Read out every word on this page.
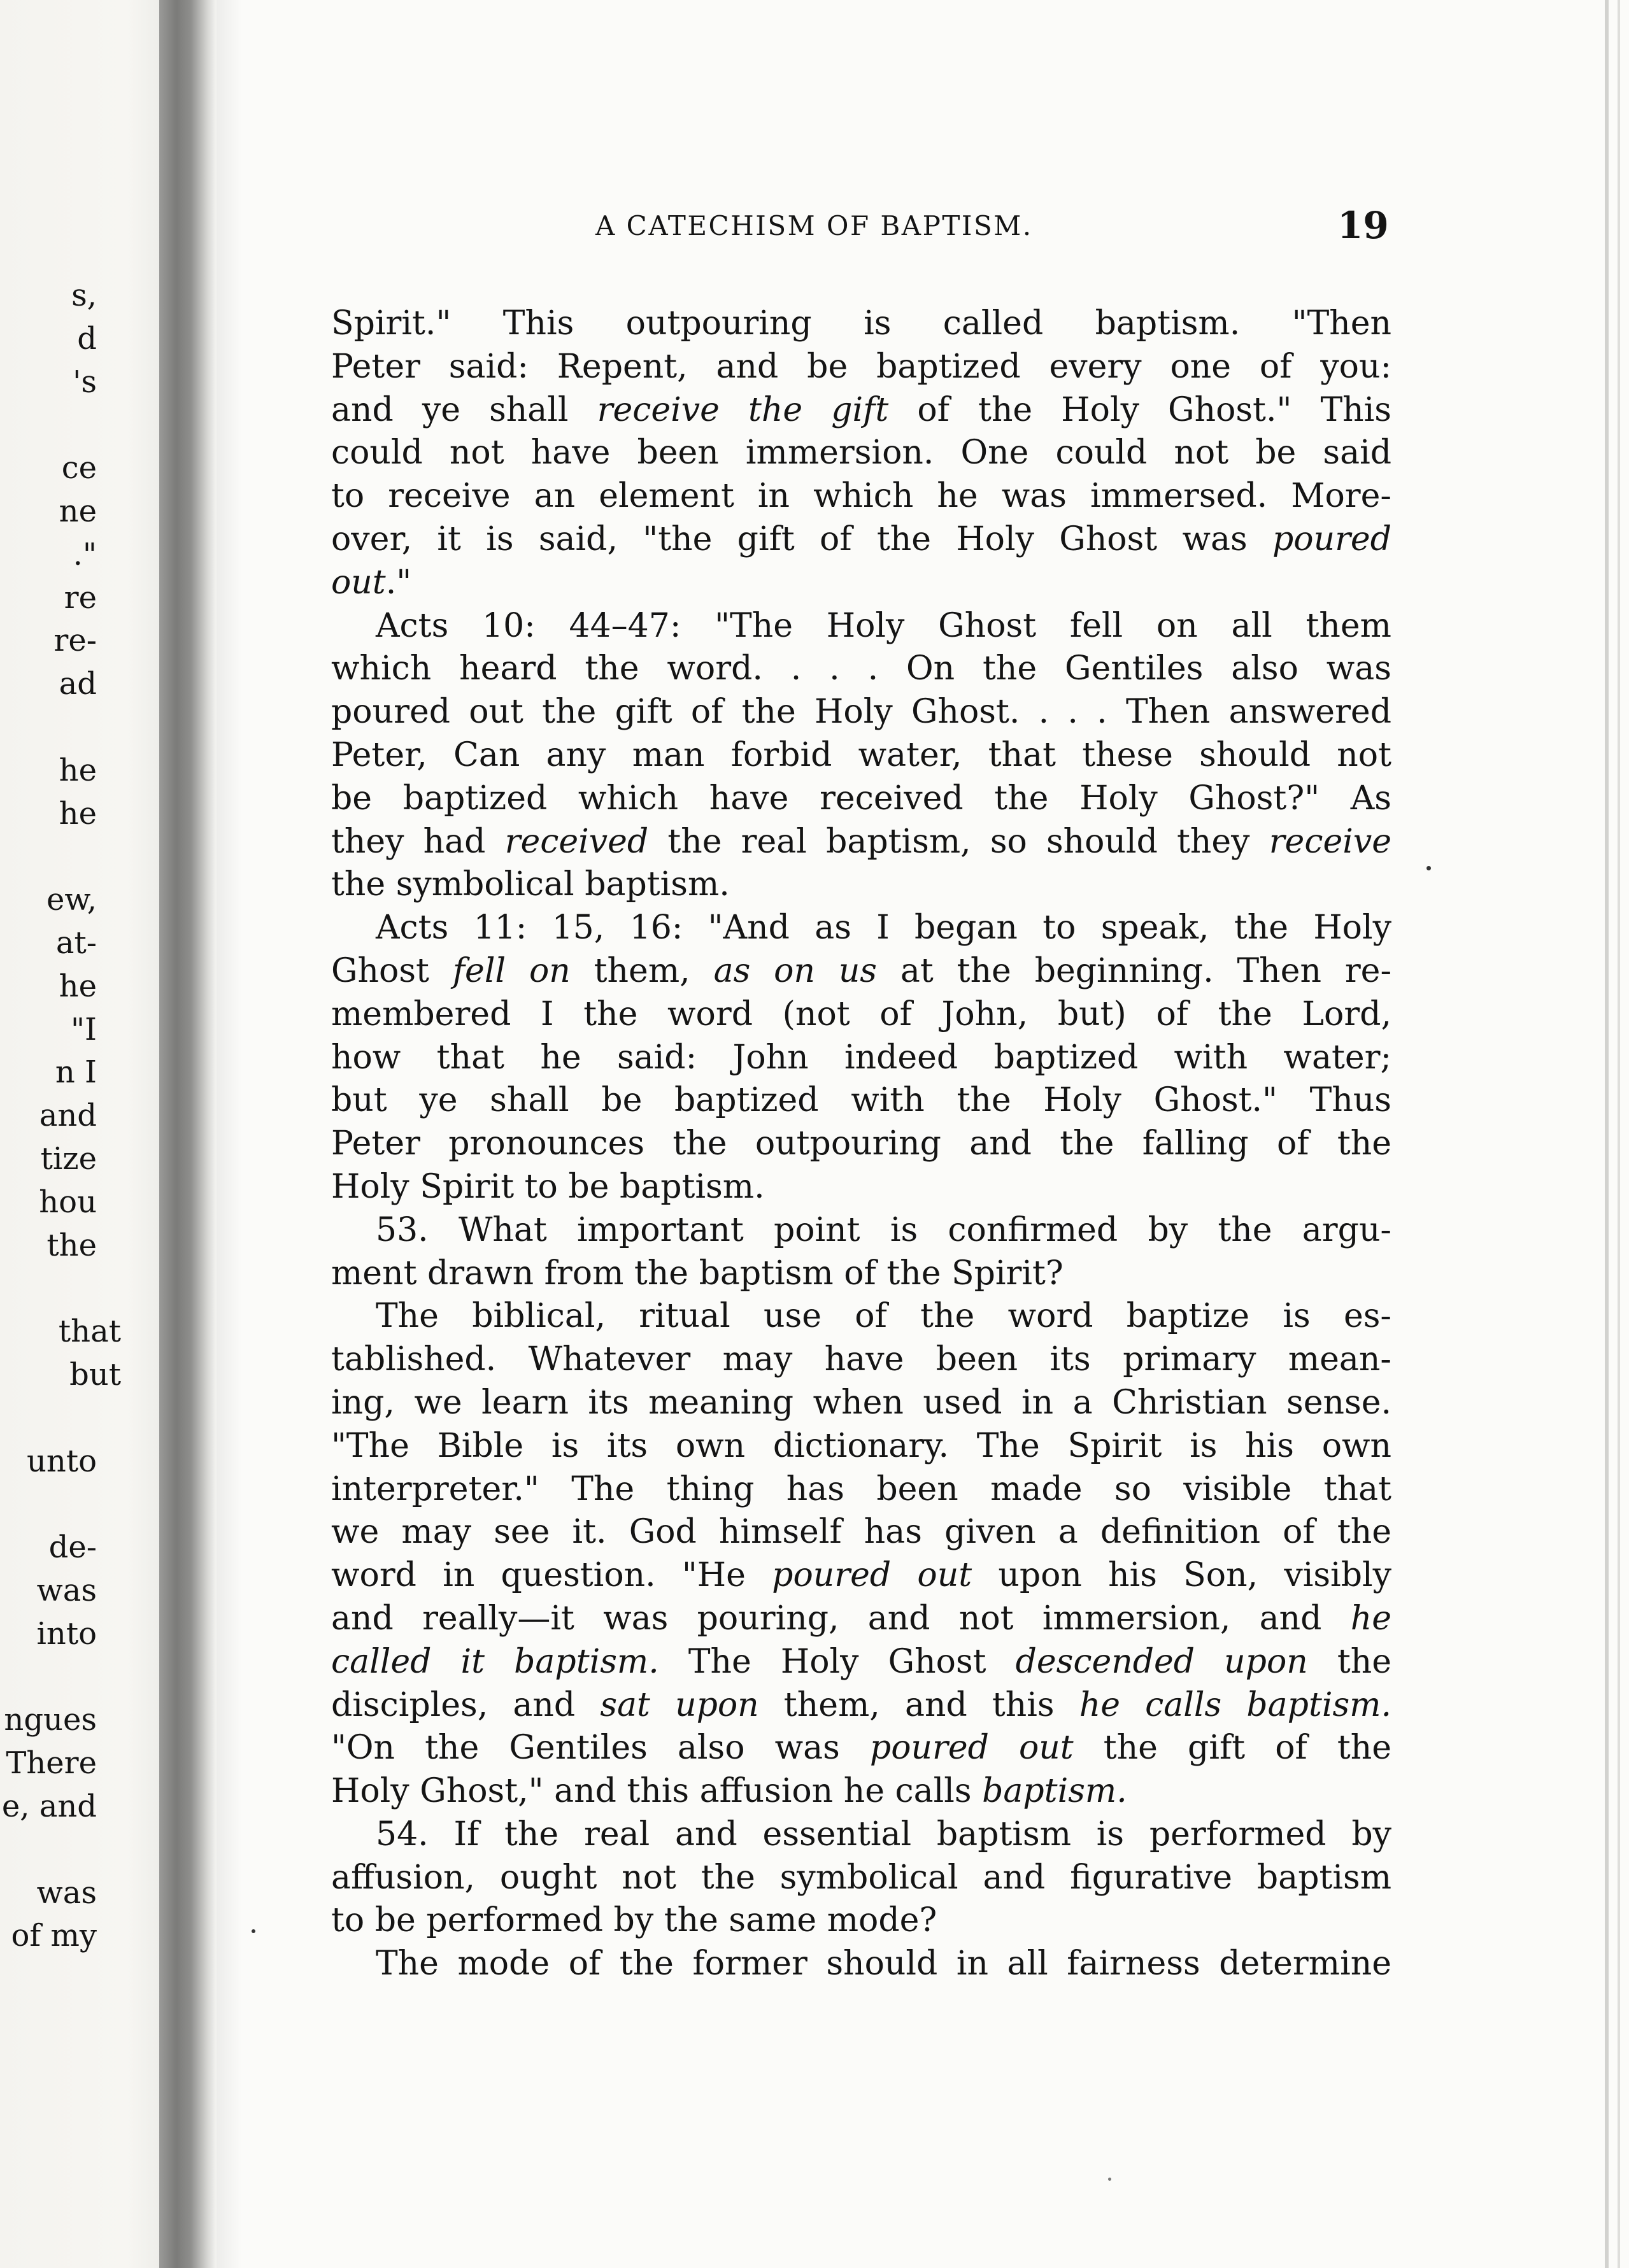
s,
d
's
ce
ne
."
re
re-
ad
he
he
ew,
at-
he
"I
n I
and
tize
hou
the
that
but
unto
de-
was
into
ngues
There
e, and
was
of my
A CATECHISM OF BAPTISM.	19
Spirit." This outpouring is called baptism. "Then
Peter said: Repent, and be baptized every one of you:
and ye shall receive the gift of the Holy Ghost." This
could not have been immersion. One could not be said
to receive an element in which he was immersed. More-
over, it is said, "the gift of the Holy Ghost was poured
out."
Acts 10: 44–47: "The Holy Ghost fell on all them
which heard the word. . . . On the Gentiles also was
poured out the gift of the Holy Ghost. . . . Then answered
Peter, Can any man forbid water, that these should not
be baptized which have received the Holy Ghost?" As
they had received the real baptism, so should they receive
the symbolical baptism.
Acts 11: 15, 16: "And as I began to speak, the Holy
Ghost fell on them, as on us at the beginning. Then re-
membered I the word (not of John, but) of the Lord,
how that he said: John indeed baptized with water;
but ye shall be baptized with the Holy Ghost." Thus
Peter pronounces the outpouring and the falling of the
Holy Spirit to be baptism.
53. What important point is confirmed by the argu-
ment drawn from the baptism of the Spirit?
The biblical, ritual use of the word baptize is es-
tablished. Whatever may have been its primary mean-
ing, we learn its meaning when used in a Christian sense.
"The Bible is its own dictionary. The Spirit is his own
interpreter." The thing has been made so visible that
we may see it. God himself has given a definition of the
word in question. "He poured out upon his Son, visibly
and really—it was pouring, and not immersion, and he
called it baptism. The Holy Ghost descended upon the
disciples, and sat upon them, and this he calls baptism.
"On the Gentiles also was poured out the gift of the
Holy Ghost," and this affusion he calls baptism.
54. If the real and essential baptism is performed by
affusion, ought not the symbolical and figurative baptism
to be performed by the same mode?
The mode of the former should in all fairness determine
